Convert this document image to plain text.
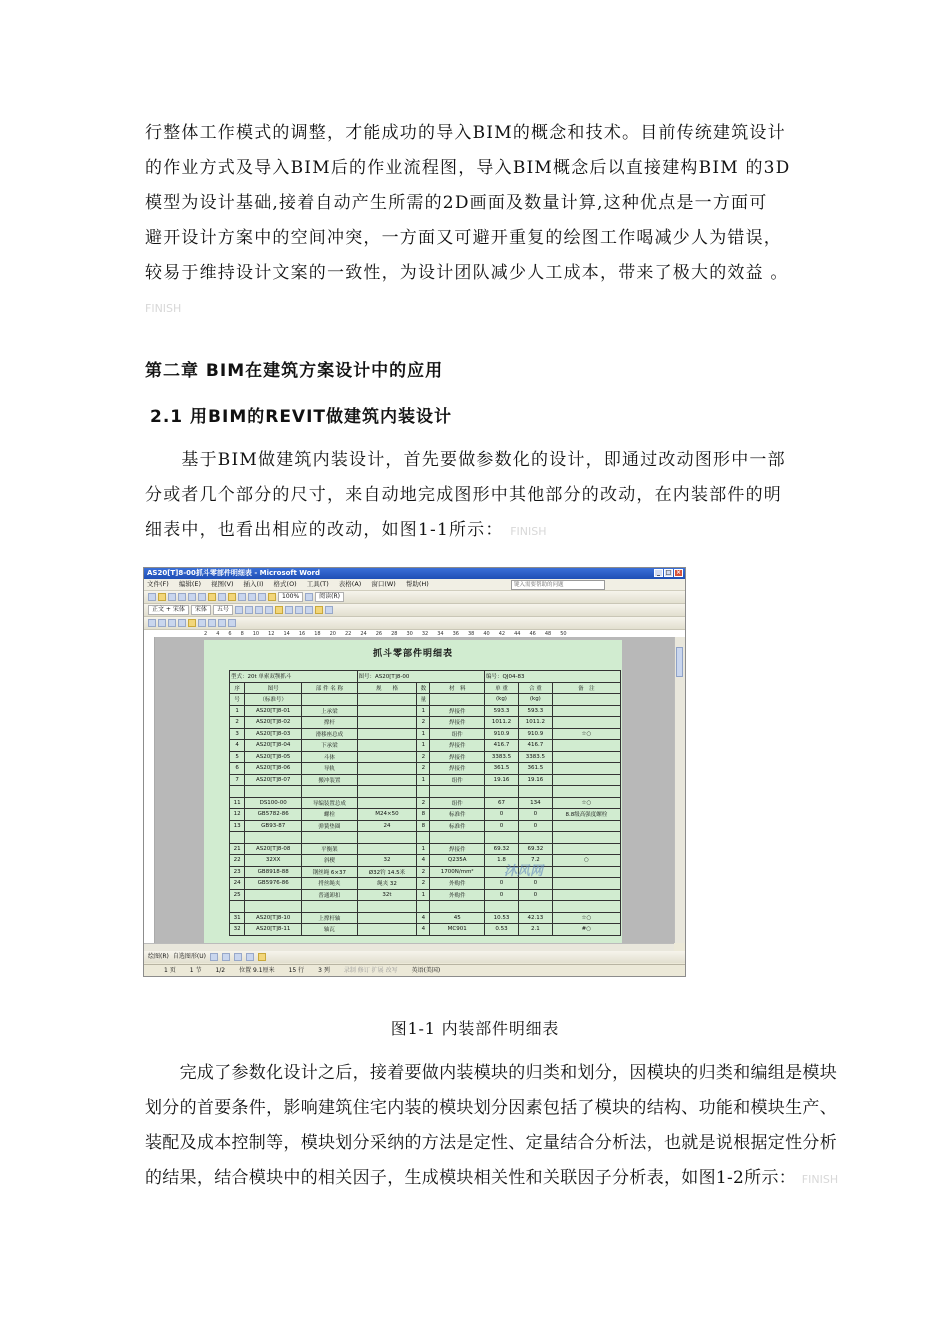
行整体工作模式的调整，才能成功的导入BIM的概念和技术。目前传统建筑设计
的作业方式及导入BIM后的作业流程图，导入BIM概念后以直接建构BIM 的3D
模型为设计基础,接着自动产生所需的2D画面及数量计算,这种优点是一方面可
避开设计方案中的空间冲突，一方面又可避开重复的绘图工作喝减少人为错误，
较易于维持设计文案的一致性，为设计团队减少人工成本，带来了极大的效益 。
FINISH
第二章 BIM在建筑方案设计中的应用
2.1 用BIM的REVIT做建筑内装设计
　　基于BIM做建筑内装设计，首先要做参数化的设计，即通过改动图形中一部
分或者几个部分的尺寸，来自动地完成图形中其他部分的改动，在内装部件的明
细表中，也看出相应的改动，如图1-1所示： FINISH
AS20[T]8-00抓斗零部件明细表 - Microsoft Word	_ □ ×
文件(F) 编辑(E) 视图(V) 插入(I) 格式(O) 工具(T) 表格(A) 窗口(W) 帮助(H)	键入需要帮助的问题
100%	阅读(R)
正文 + 宋体	宋体	五号
2 4 6 8 10 12 14 16 18 20 22 24 26 28 30 32 34 36 38 40 42 44 46 48 50
抓斗零部件明细表
型式：20t 单索双颚抓斗			图号：AS20[T]8-00			编号：QJ04-83		
序	图号	部 件 名 称	规　　格	数	材　料	单 重	合 重	备　注
号	（标准号）			量		(kg)	(kg)	
1	AS20[T]8-01	上承梁		1	焊接件	593.3	593.3	
2	AS20[T]8-02	撑杆		2	焊接件	1011.2	1011.2	
3	AS20[T]8-03	滑移座总成		1	组件	910.9	910.9	☆○
4	AS20[T]8-04	下承梁		1	焊接件	416.7	416.7	
5	AS20[T]8-05	斗体		2	焊接件	3383.5	3383.5	
6	AS20[T]8-06	导轨		2	焊接件	361.5	361.5	
7	AS20[T]8-07	搬冲装置		1	组件	19.16	19.16	

11	DS100-00	导编装置总成		2	组件	67	134	☆○
12	GB5782-86	螺栓	M24×50	8	标准件	0	0	8.8级高强度螺栓
13	GB93-87	弹簧垫圈	24	8	标准件	0	0	

21	AS20[T]8-08	平衡架		1	焊接件	69.32	69.32	
22	32XX	斜楔	32	4	Q235A	1.8	7.2	○
23	GB8918-88	钢丝绳 6×37	Ø32钓 14.5米	2	1700N/mm²			
24	GB5976-86	捋丝绳夹	绳夹 32	2	外购件	0	0	
25		普通卸扣	32t	1	外购件	0	0	

31	AS20[T]8-10	上撑杆轴		4	45	10.53	42.13	☆○
32	AS20[T]8-11	轴瓦		4	MC901	0.53	2.1	#○
沐风网
绘图(R) 自选图形(U)
1 页 1 节 1/2 位置 9.1厘米 15 行 3 列 录制 修订 扩展 改写 英语(美国)
图1-1 内装部件明细表
　　完成了参数化设计之后，接着要做内装模块的归类和划分，因模块的归类和编组是模块
划分的首要条件，影响建筑住宅内装的模块划分因素包括了模块的结构、功能和模块生产、
装配及成本控制等，模块划分采纳的方法是定性、定量结合分析法，也就是说根据定性分析
的结果，结合模块中的相关因子，生成模块相关性和关联因子分析表，如图1-2所示： FINISH
